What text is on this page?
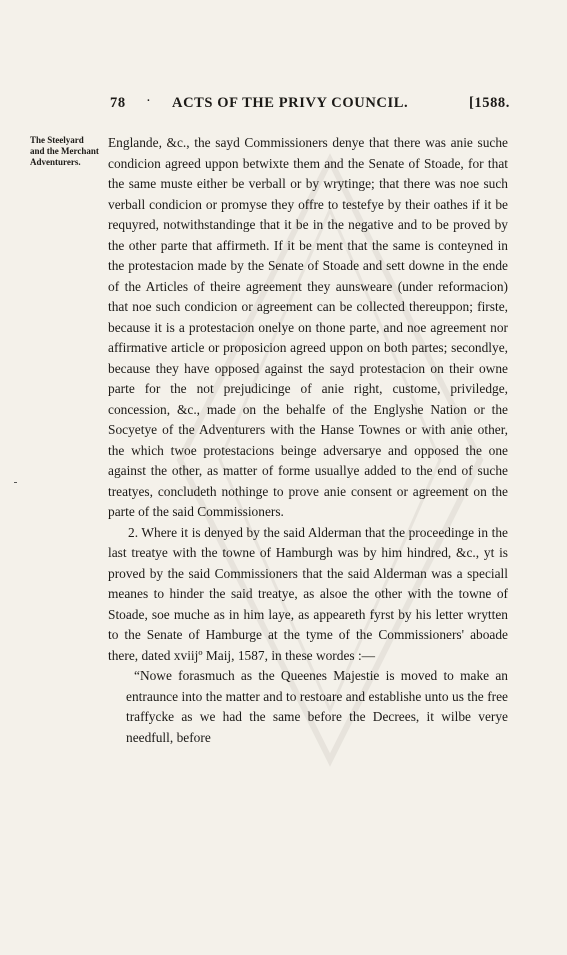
78 · ACTS OF THE PRIVY COUNCIL.	[1588.
The Steelyard and the Merchant Adventurers.

Englande, &c., the sayd Commissioners denye that there was anie suche condicion agreed uppon betwixte them and the Senate of Stoade, for that the same muste either be verball or by wrytinge; that there was noe such verball condicion or promyse they offre to testefye by their oathes if it be requyred, notwithstandinge that it be in the negative and to be proved by the other parte that affirmeth. If it be ment that the same is conteyned in the protestacion made by the Senate of Stoade and sett downe in the ende of the Articles of theire agreement they aunsweare (under reformacion) that noe such condicion or agreement can be collected thereuppon; firste, because it is a protestacion onelye on thone parte, and noe agreement nor affirmative article or proposicion agreed uppon on both partes; secondlye, because they have opposed against the sayd protestacion on their owne parte for the not prejudicinge of anie right, custome, priviledge, concession, &c., made on the behalfe of the Englyshe Nation or the Socyetye of the Adventurers with the Hanse Townes or with anie other, the which twoe protestacions beinge adversarye and opposed the one against the other, as matter of forme usuallye added to the end of suche treatyes, concludeth nothinge to prove anie consent or agreement on the parte of the said Commissioners.

2. Where it is denyed by the said Alderman that the proceedinge in the last treatye with the towne of Hamburgh was by him hindred, &c., yt is proved by the said Commissioners that the said Alderman was a speciall meanes to hinder the said treatye, as alsoe the other with the towne of Stoade, soe muche as in him laye, as appeareth fyrst by his letter wrytten to the Senate of Hamburge at the tyme of the Commissioners' aboade there, dated xviijº Maij, 1587, in these wordes :—

“Nowe forasmuch as the Queenes Majestie is moved to make an entraunce into the matter and to restoare and establishe unto us the free traffycke as we had the same before the Decrees, it wilbe verye needfull, before
